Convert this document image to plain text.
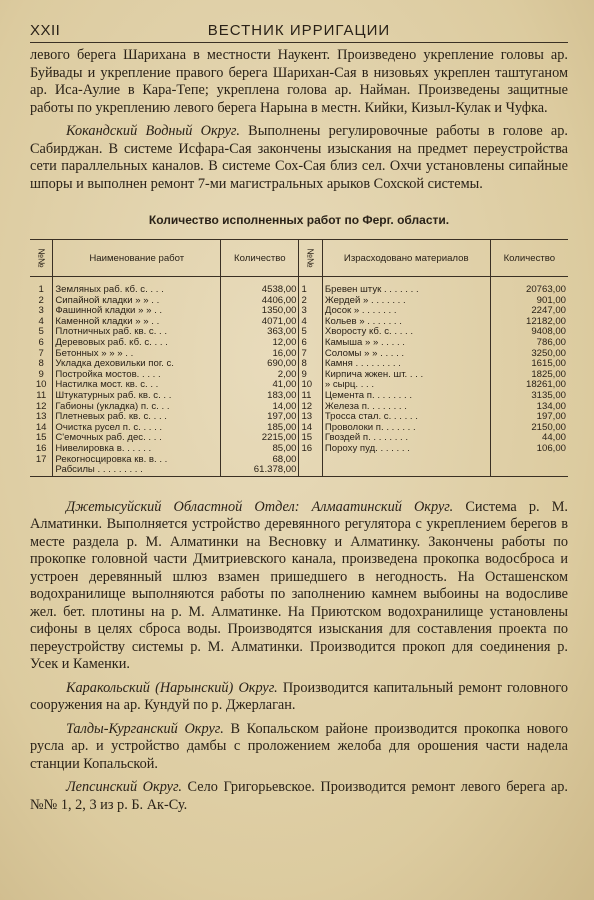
XXII	ВЕСТНИК ИРРИГАЦИИ

левого берега Шарихана в местности Наукент. Произведено укрепление головы ар. Буйвады и укрепление правого берега Шарихан-Сая в низовьях укреплен таштуганом ар. Иса-Аулие в Кара-Тепе; укреплена голова ар. Найман. Произведены защитные работы по укреплению левого берега Нарына в местн. Кийки, Кизыл-Кулак и Чуфка.

Кокандский Водный Округ. Выполнены регулировочные работы в голове ар. Сабирджан. В системе Исфара-Сая закончены изыскания на предмет переустройства сети параллельных каналов. В системе Сох-Сая близ сел. Охчи установлены сипайные шпоры и выполнен ремонт 7-ми магистральных арыков Сохской системы.

Количество исполненных работ по Ферг. области.
№№	Наименование работ	Количество	№№	Израсходовано материалов	Количество
1	Земляных раб. кб. с. . . .	4538,00	1	Бревен штук . . . . . . .	20763,00
2	Сипайной кладки » » . .	4406,00	2	Жердей » . . . . . . .	901,00
3	Фашинной кладки » » . .	1350,00	3	Досок » . . . . . . .	2247,00
4	Каменной кладки » » . .	4071,00	4	Кольев » . . . . . . .	12182,00
5	Плотничных раб. кв. с. . .	363,00	5	Хворосту кб. с. . . . .	9408,00
6	Деревовых раб. кб. с. . . .	12,00	6	Камыша » » . . . . .	786,00
7	Бетонных » » » . .	16,00	7	Соломы » » . . . . .	3250,00
8	Укладка деховильки пог. с.	690,00	8	Камня . . . . . . . . .	1615,00
9	Постройка мостов. . . . .	2,00	9	Кирпича жжен. шт. . . .	1825,00
10	Настилка мост. кв. с. . .	41,00	10	» сырц. . . .	18261,00
11	Штукатурных раб. кв. с. . .	183,00	11	Цемента п. . . . . . . .	3135,00
12	Габионы (укладка) п. с. . .	14,00	12	Железа п. . . . . . . .	134,00
13	Плетневых раб. кв. с. . . .	197,00	13	Тросса стал. с. . . . . .	197,00
14	Очистка русел п. с. . . . .	185,00	14	Проволоки п. . . . . . .	2150,00
15	С'емочных раб. дес. . . .	2215,00	15	Гвоздей п. . . . . . . .	44,00
16	Нивелировка в. . . . . .	85,00	16	Пороху пуд. . . . . . .	106,00
17	Рекогносцировка кв. в. . .	68,00			
	Рабсилы . . . . . . . . .	61.378,00			

Джетысуйский Областной Отдел: Алмаатинский Округ. Система р. М. Алматинки. Выполняется устройство деревянного регулятора с укреплением берегов в месте раздела р. М. Алматинки на Весновку и Алматинку. Закончены работы по прокопке головной части Дмитриевского канала, произведена прокопка водосброса и устроен деревянный шлюз взамен пришедшего в негодность. На Осташенском водохранилище выполняются работы по заполнению камнем выбоины на водосливе жел. бет. плотины на р. М. Алматинке. На Приютском водохранилище установлены сифоны в целях сброса воды. Производятся изыскания для составления проекта по переустройству системы р. М. Алматинки. Производится прокоп для соединения р. Усек и Каменки.

Каракольский (Нарынский) Округ. Производится капитальный ремонт головного сооружения на ар. Кундуй по р. Джерлаган.

Талды-Курганский Округ. В Копальском районе производится прокопка нового русла ар. и устройство дамбы с проложением желоба для орошения части надела станции Копальской.

Лепсинский Округ. Село Григорьевское. Производится ремонт левого берега ар. №№ 1, 2, 3 из р. Б. Ак-Су.
